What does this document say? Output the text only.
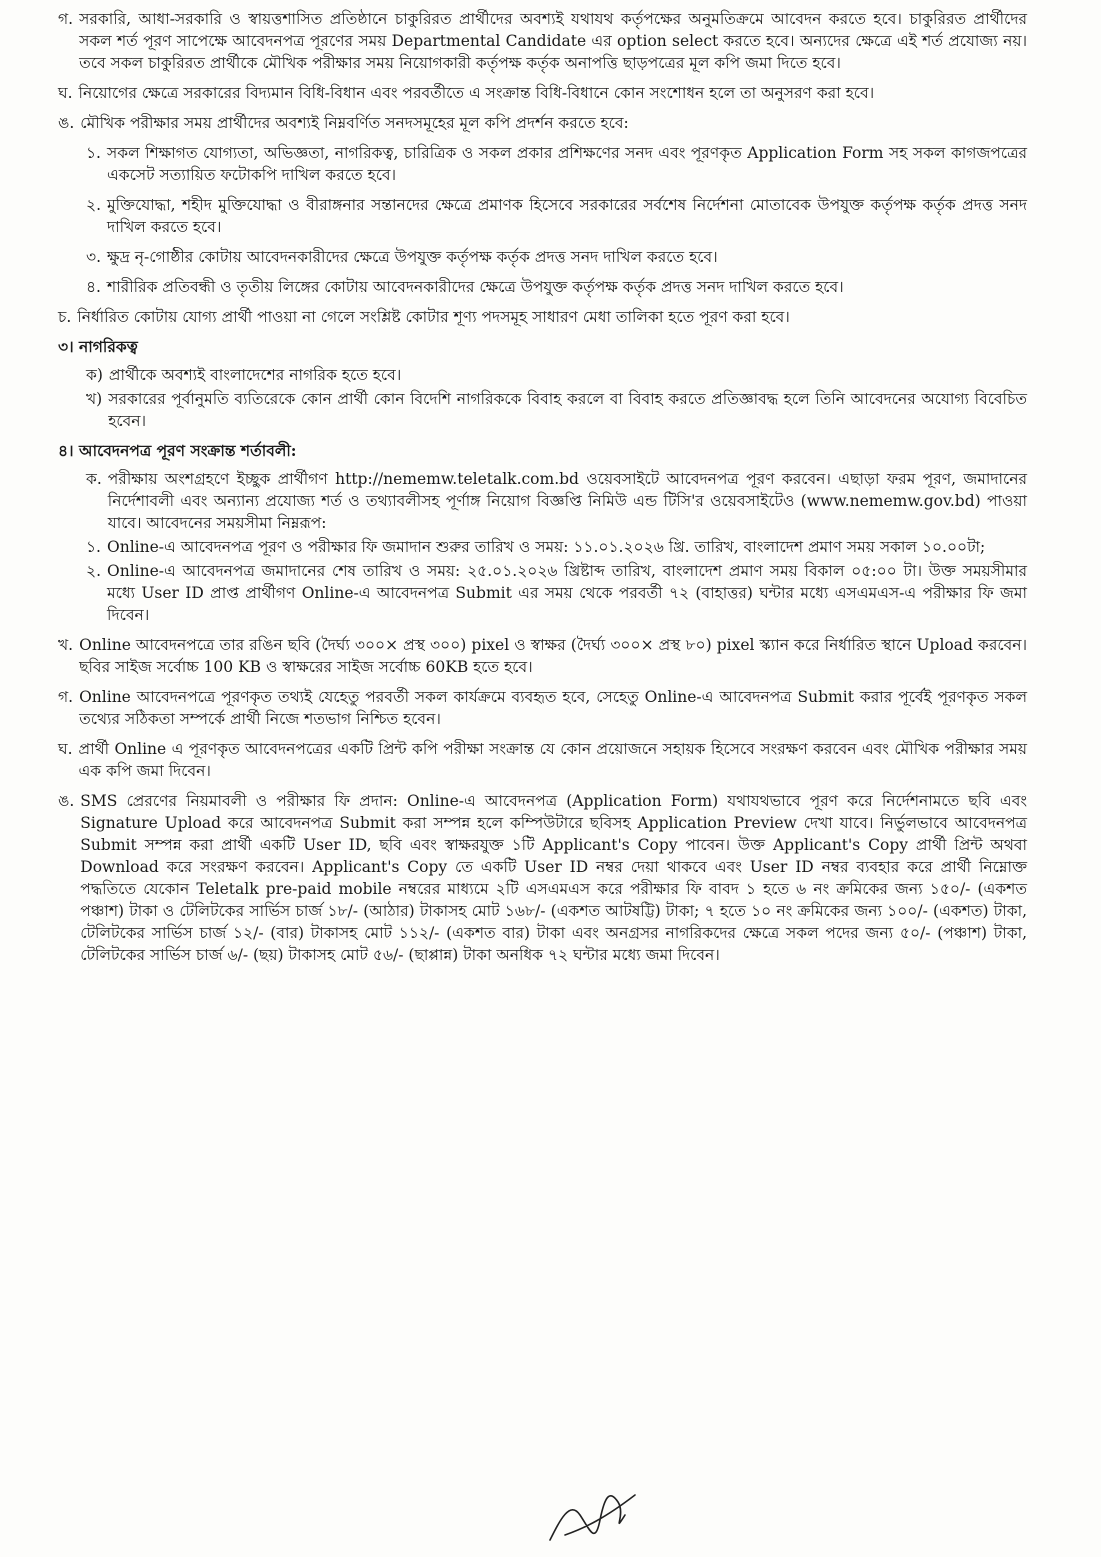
গ. সরকারি, আধা-সরকারি ও স্বায়ত্তশাসিত প্রতিষ্ঠানে চাকুরিরত প্রার্থীদের অবশ্যই যথাযথ কর্তৃপক্ষের অনুমতিক্রমে আবেদন করতে হবে। চাকুরিরত প্রার্থীদের সকল শর্ত পূরণ সাপেক্ষে আবেদনপত্র পূরণের সময় Departmental Candidate এর option select করতে হবে। অন্যদের ক্ষেত্রে এই শর্ত প্রযোজ্য নয়। তবে সকল চাকুরিরত প্রার্থীকে মৌখিক পরীক্ষার সময় নিয়োগকারী কর্তৃপক্ষ কর্তৃক অনাপত্তি ছাড়পত্রের মূল কপি জমা দিতে হবে।

ঘ. নিয়োগের ক্ষেত্রে সরকারের বিদ্যমান বিধি-বিধান এবং পরবর্তীতে এ সংক্রান্ত বিধি-বিধানে কোন সংশোধন হলে তা অনুসরণ করা হবে।

ঙ. মৌখিক পরীক্ষার সময় প্রার্থীদের অবশ্যই নিম্নবর্ণিত সনদসমূহের মূল কপি প্রদর্শন করতে হবে:

১. সকল শিক্ষাগত যোগ্যতা, অভিজ্ঞতা, নাগরিকত্ব, চারিত্রিক ও সকল প্রকার প্রশিক্ষণের সনদ এবং পূরণকৃত Application Form সহ সকল কাগজপত্রের একসেট সত্যায়িত ফটোকপি দাখিল করতে হবে।

২. মুক্তিযোদ্ধা, শহীদ মুক্তিযোদ্ধা ও বীরাঙ্গনার সন্তানদের ক্ষেত্রে প্রমাণক হিসেবে সরকারের সর্বশেষ নির্দেশনা মোতাবেক উপযুক্ত কর্তৃপক্ষ কর্তৃক প্রদত্ত সনদ দাখিল করতে হবে।

৩. ক্ষুদ্র নৃ-গোষ্ঠীর কোটায় আবেদনকারীদের ক্ষেত্রে উপযুক্ত কর্তৃপক্ষ কর্তৃক প্রদত্ত সনদ দাখিল করতে হবে।

৪. শারীরিক প্রতিবন্ধী ও তৃতীয় লিঙ্গের কোটায় আবেদনকারীদের ক্ষেত্রে উপযুক্ত কর্তৃপক্ষ কর্তৃক প্রদত্ত সনদ দাখিল করতে হবে।

চ. নির্ধারিত কোটায় যোগ্য প্রার্থী পাওয়া না গেলে সংশ্লিষ্ট কোটার শূণ্য পদসমূহ সাধারণ মেধা তালিকা হতে পূরণ করা হবে।

৩। নাগরিকত্ব
ক) প্রার্থীকে অবশ্যই বাংলাদেশের নাগরিক হতে হবে।

খ) সরকারের পূর্বানুমতি ব্যতিরেকে কোন প্রার্থী কোন বিদেশি নাগরিককে বিবাহ করলে বা বিবাহ করতে প্রতিজ্ঞাবদ্ধ হলে তিনি আবেদনের অযোগ্য বিবেচিত হবেন।

৪। আবেদনপত্র পূরণ সংক্রান্ত শর্তাবলী:
ক. পরীক্ষায় অংশগ্রহণে ইচ্ছুক প্রার্থীগণ http://nememw.teletalk.com.bd ওয়েবসাইটে আবেদনপত্র পূরণ করবেন। এছাড়া ফরম পূরণ, জমাদানের নির্দেশাবলী এবং অন্যান্য প্রযোজ্য শর্ত ও তথ্যাবলীসহ পূর্ণাঙ্গ নিয়োগ বিজ্ঞপ্তি নিমিউ এন্ড টিসি'র ওয়েবসাইটেও (www.nememw.gov.bd) পাওয়া যাবে। আবেদনের সময়সীমা নিম্নরূপ:

১. Online-এ আবেদনপত্র পূরণ ও পরীক্ষার ফি জমাদান শুরুর তারিখ ও সময়: ১১.০১.২০২৬ খ্রি. তারিখ, বাংলাদেশ প্রমাণ সময় সকাল ১০.০০টা;

২. Online-এ আবেদনপত্র জমাদানের শেষ তারিখ ও সময়: ২৫.০১.২০২৬ খ্রিষ্টাব্দ তারিখ, বাংলাদেশ প্রমাণ সময় বিকাল ০৫:০০ টা। উক্ত সময়সীমার মধ্যে User ID প্রাপ্ত প্রার্থীগণ Online-এ আবেদনপত্র Submit এর সময় থেকে পরবর্তী ৭২ (বাহাত্তর) ঘন্টার মধ্যে এসএমএস-এ পরীক্ষার ফি জমা দিবেন।

খ. Online আবেদনপত্রে তার রঙিন ছবি (দৈর্ঘ্য ৩০০× প্রস্থ ৩০০) pixel ও স্বাক্ষর (দৈর্ঘ্য ৩০০× প্রস্থ ৮০) pixel স্ক্যান করে নির্ধারিত স্থানে Upload করবেন। ছবির সাইজ সর্বোচ্চ 100 KB ও স্বাক্ষরের সাইজ সর্বোচ্চ 60KB হতে হবে।

গ. Online আবেদনপত্রে পূরণকৃত তথ্যই যেহেতু পরবর্তী সকল কার্যক্রমে ব্যবহৃত হবে, সেহেতু Online-এ আবেদনপত্র Submit করার পূর্বেই পূরণকৃত সকল তথ্যের সঠিকতা সম্পর্কে প্রার্থী নিজে শতভাগ নিশ্চিত হবেন।

ঘ. প্রার্থী Online এ পূরণকৃত আবেদনপত্রের একটি প্রিন্ট কপি পরীক্ষা সংক্রান্ত যে কোন প্রয়োজনে সহায়ক হিসেবে সংরক্ষণ করবেন এবং মৌখিক পরীক্ষার সময় এক কপি জমা দিবেন।

ঙ. SMS প্রেরণের নিয়মাবলী ও পরীক্ষার ফি প্রদান: Online-এ আবেদনপত্র (Application Form) যথাযথভাবে পূরণ করে নির্দেশনামতে ছবি এবং Signature Upload করে আবেদনপত্র Submit করা সম্পন্ন হলে কম্পিউটারে ছবিসহ Application Preview দেখা যাবে। নির্ভুলভাবে আবেদনপত্র Submit সম্পন্ন করা প্রার্থী একটি User ID, ছবি এবং স্বাক্ষরযুক্ত ১টি Applicant's Copy পাবেন। উক্ত Applicant's Copy প্রার্থী প্রিন্ট অথবা Download করে সংরক্ষণ করবেন। Applicant's Copy তে একটি User ID নম্বর দেয়া থাকবে এবং User ID নম্বর ব্যবহার করে প্রার্থী নিম্নোক্ত পদ্ধতিতে যেকোন Teletalk pre-paid mobile নম্বরের মাধ্যমে ২টি এসএমএস করে পরীক্ষার ফি বাবদ ১ হতে ৬ নং ক্রমিকের জন্য ১৫০/- (একশত পঞ্চাশ) টাকা ও টেলিটকের সার্ভিস চার্জ ১৮/- (আঠার) টাকাসহ মোট ১৬৮/- (একশত আটষট্টি) টাকা; ৭ হতে ১০ নং ক্রমিকের জন্য ১০০/- (একশত) টাকা, টেলিটকের সার্ভিস চার্জ ১২/- (বার) টাকাসহ মোট ১১২/- (একশত বার) টাকা এবং অনগ্রসর নাগরিকদের ক্ষেত্রে সকল পদের জন্য ৫০/- (পঞ্চাশ) টাকা, টেলিটকের সার্ভিস চার্জ ৬/- (ছয়) টাকাসহ মোট ৫৬/- (ছাপ্পান্ন) টাকা অনধিক ৭২ ঘন্টার মধ্যে জমা দিবেন।
